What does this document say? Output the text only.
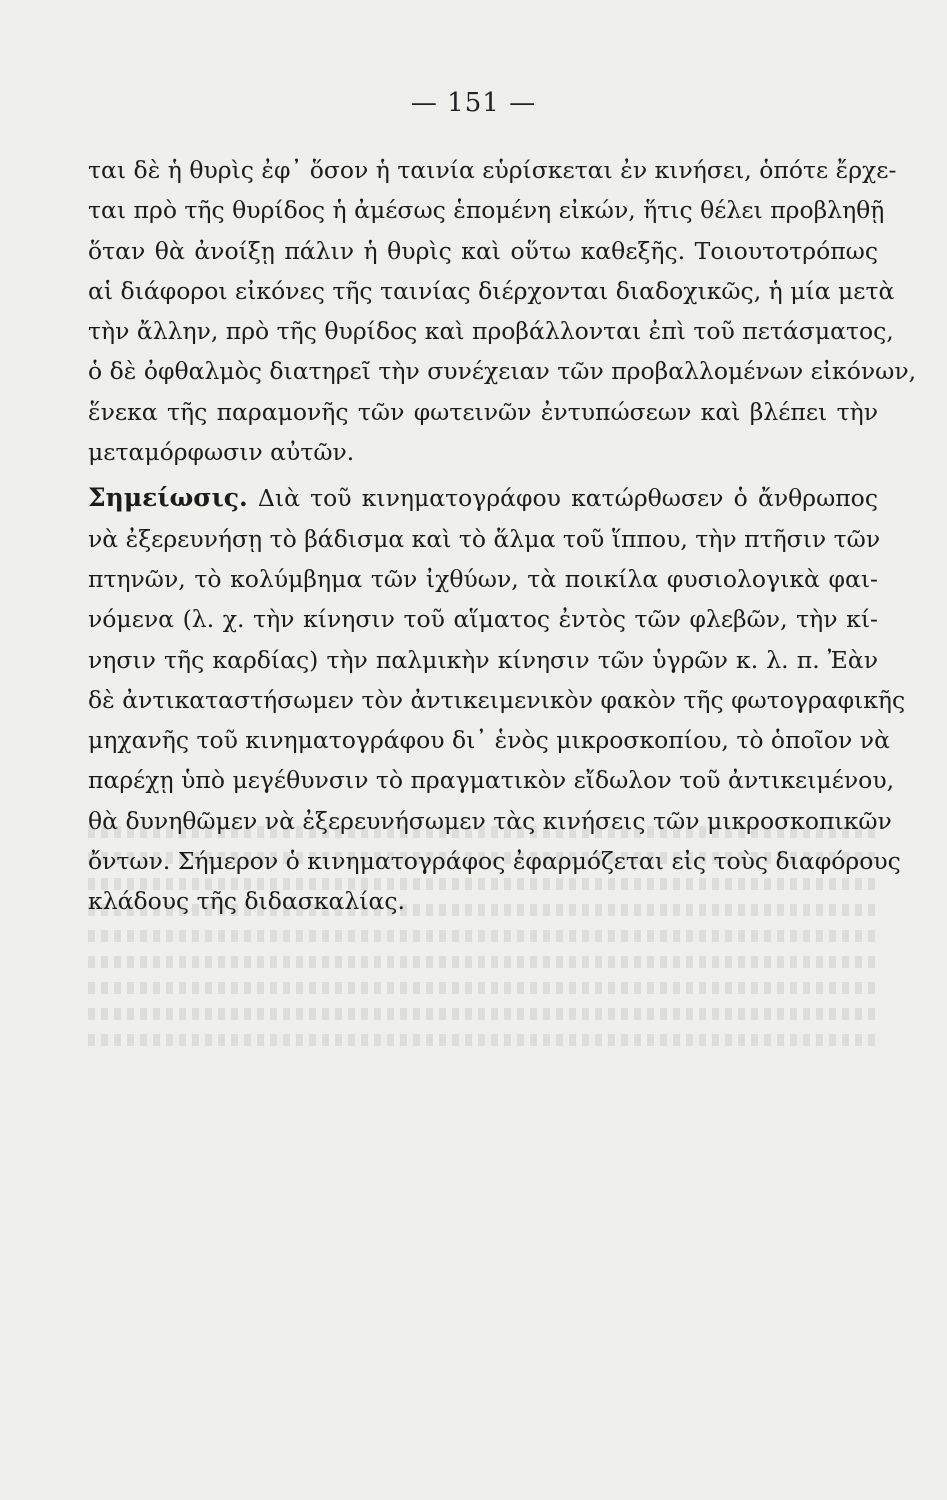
— 151 —
ται δὲ ἡ θυρὶς ἐφ᾽ ὅσον ἡ ταινία εὑρίσκεται ἐν κινήσει, ὁπότε ἔρχε-
ται πρὸ τῆς θυρίδος ἡ ἀμέσως ἑπομένη εἰκών, ἥτις θέλει προβληθῇ
ὅταν θὰ ἀνοίξῃ πάλιν ἡ θυρὶς καὶ οὕτω καθεξῆς. Τοιουτοτρόπως
αἱ διάφοροι εἰκόνες τῆς ταινίας διέρχονται διαδοχικῶς, ἡ μία μετὰ
τὴν ἄλλην, πρὸ τῆς θυρίδος καὶ προβάλλονται ἐπὶ τοῦ πετάσματος,
ὁ δὲ ὀφθαλμὸς διατηρεῖ τὴν συνέχειαν τῶν προβαλλομένων εἰκόνων,
ἕνεκα τῆς παραμονῆς τῶν φωτεινῶν ἐντυπώσεων καὶ βλέπει τὴν
μεταμόρφωσιν αὐτῶν.
Σημείωσις. Διὰ τοῦ κινηματογράφου κατώρθωσεν ὁ ἄνθρωπος
νὰ ἐξερευνήσῃ τὸ βάδισμα καὶ τὸ ἅλμα τοῦ ἵππου, τὴν πτῆσιν τῶν
πτηνῶν, τὸ κολύμβημα τῶν ἰχθύων, τὰ ποικίλα φυσιολογικὰ φαι-
νόμενα (λ. χ. τὴν κίνησιν τοῦ αἵματος ἐντὸς τῶν φλεβῶν, τὴν κί-
νησιν τῆς καρδίας) τὴν παλμικὴν κίνησιν τῶν ὑγρῶν κ. λ. π. Ἐὰν
δὲ ἀντικαταστήσωμεν τὸν ἀντικειμενικὸν φακὸν τῆς φωτογραφικῆς
μηχανῆς τοῦ κινηματογράφου δι᾽ ἑνὸς μικροσκοπίου, τὸ ὁποῖον νὰ
παρέχῃ ὑπὸ μεγέθυνσιν τὸ πραγματικὸν εἴδωλον τοῦ ἀντικειμένου,
θὰ δυνηθῶμεν νὰ ἐξερευνήσωμεν τὰς κινήσεις τῶν μικροσκοπικῶν
ὄντων. Σήμερον ὁ κινηματογράφος ἐφαρμόζεται εἰς τοὺς διαφόρους
κλάδους τῆς διδασκαλίας.
